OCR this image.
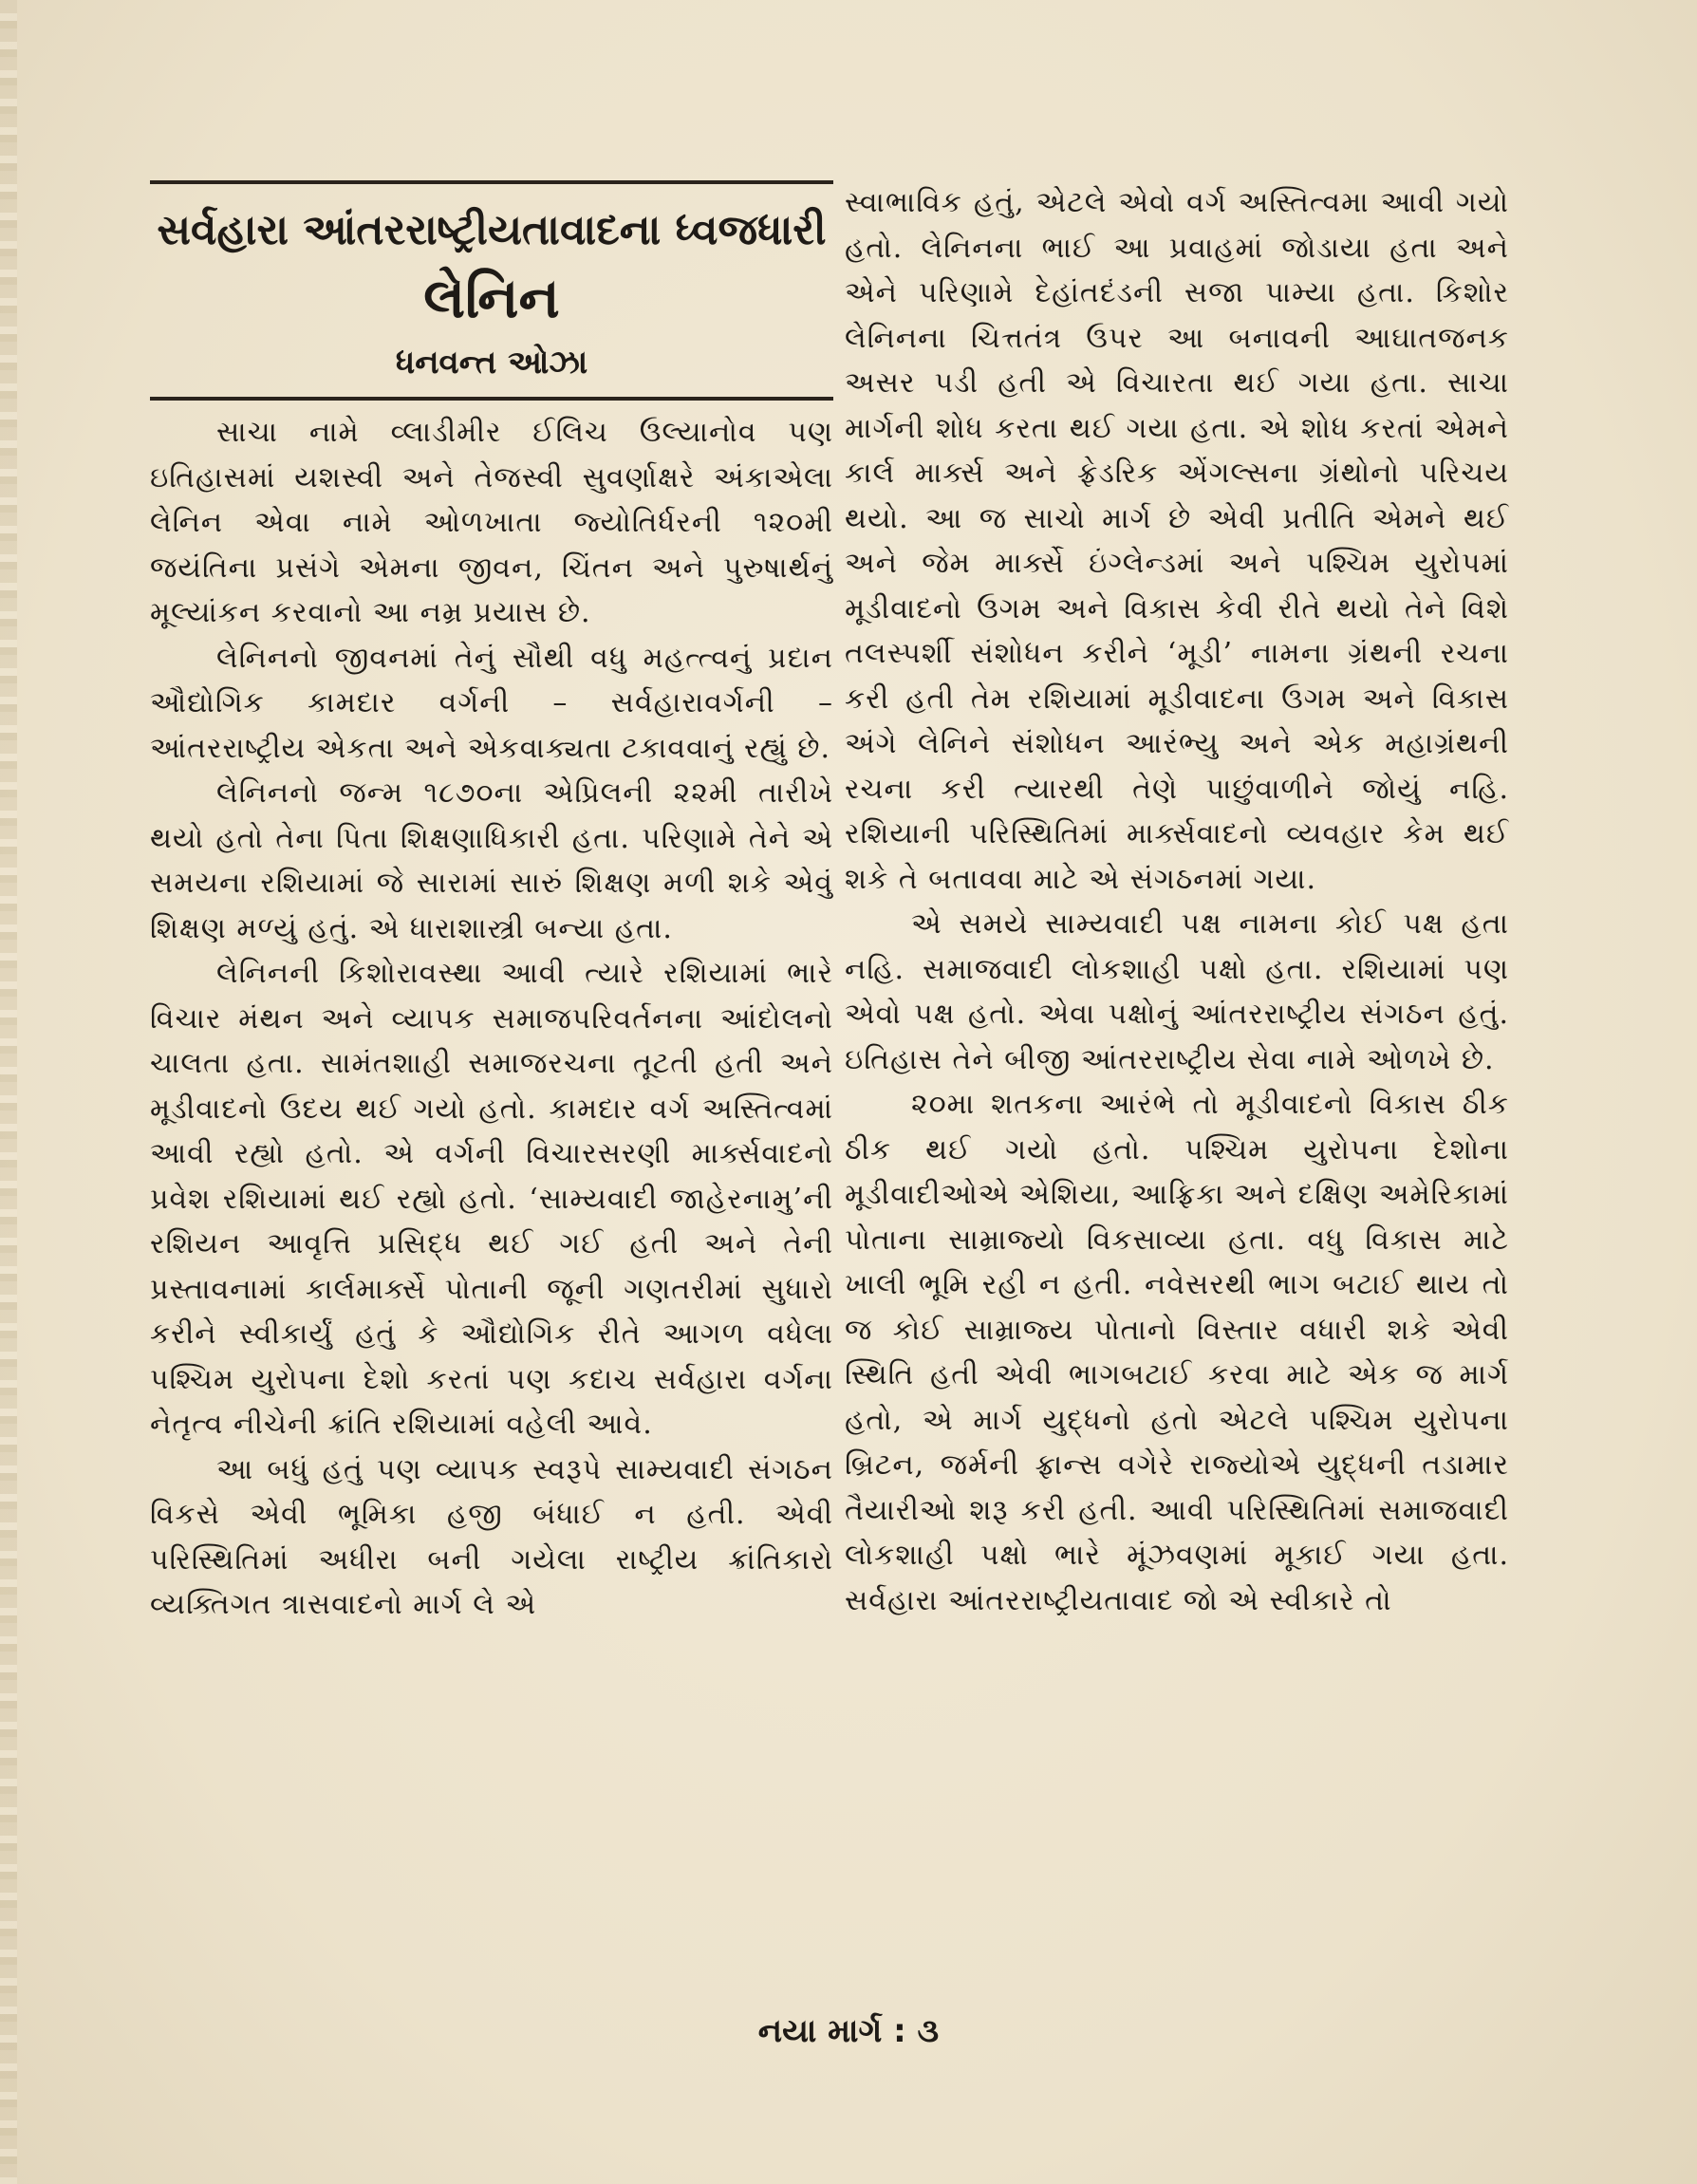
સર્વહારા આંતરરાષ્ટ્રીયતાવાદના ધ્વજધારી
લેનિન
ધનવન્ત ઓઝા

સાચા નામે વ્લાડીમીર ઈલિચ ઉલ્યાનોવ પણ ઇતિહાસમાં યશસ્વી અને તેજસ્વી સુવર્ણાક્ષરે અંકાએલા લેનિન એવા નામે ઓળખાતા જ્યોતિર્ધરની ૧૨૦મી જયંતિના પ્રસંગે એમના જીવન, ચિંતન અને પુરુષાર્થનું મૂલ્યાંકન કરવાનો આ નમ્ર પ્રયાસ છે.

લેનિનનો જીવનમાં તેનું સૌથી વધુ મહત્ત્વનું પ્રદાન ઔદ્યોગિક કામદાર વર્ગની – સર્વહારાવર્ગની – આંતરરાષ્ટ્રીય એકતા અને એકવાક્યતા ટકાવવાનું રહ્યું છે.

લેનિનનો જન્મ ૧૮૭૦ના એપ્રિલની ૨૨મી તારીખે થયો હતો તેના પિતા શિક્ષણાધિકારી હતા. પરિણામે તેને એ સમયના રશિયામાં જે સારામાં સારું શિક્ષણ મળી શકે એવું શિક્ષણ મળ્યું હતું. એ ધારાશાસ્ત્રી બન્યા હતા.

લેનિનની કિશોરાવસ્થા આવી ત્યારે રશિયામાં ભારે વિચાર મંથન અને વ્યાપક સમાજપરિવર્તનના આંદોલનો ચાલતા હતા. સામંતશાહી સમાજરચના તૂટતી હતી અને મૂડીવાદનો ઉદય થઈ ગયો હતો. કામદાર વર્ગ અસ્તિત્વમાં આવી રહ્યો હતો. એ વર્ગની વિચારસરણી માર્ક્સવાદનો પ્રવેશ રશિયામાં થઈ રહ્યો હતો. ‘સામ્યવાદી જાહેરનામુ’ની રશિયન આવૃત્તિ પ્રસિદ્ધ થઈ ગઈ હતી અને તેની પ્રસ્તાવનામાં કાર્લમાર્ક્સે પોતાની જૂની ગણતરીમાં સુધારો કરીને સ્વીકાર્યું હતું કે ઔદ્યોગિક રીતે આગળ વધેલા પશ્ચિમ યુરોપના દેશો કરતાં પણ કદાચ સર્વહારા વર્ગના નેતૃત્વ નીચેની ક્રાંતિ રશિયામાં વહેલી આવે.

આ બધું હતું પણ વ્યાપક સ્વરૂપે સામ્યવાદી સંગઠન વિકસે એવી ભૂમિકા હજી બંધાઈ ન હતી. એવી પરિસ્થિતિમાં અધીરા બની ગયેલા રાષ્ટ્રીય ક્રાંતિકારો વ્યક્તિગત ત્રાસવાદનો માર્ગ લે એ

સ્વાભાવિક હતું, એટલે એવો વર્ગ અસ્તિત્વમા આવી ગયો હતો. લેનિનના ભાઈ આ પ્રવાહમાં જોડાયા હતા અને એને પરિણામે દેહાંતદંડની સજા પામ્યા હતા. કિશોર લેનિનના ચિત્તતંત્ર ઉપર આ બનાવની આઘાતજનક અસર પડી હતી એ વિચારતા થઈ ગયા હતા. સાચા માર્ગની શોધ કરતા થઈ ગયા હતા. એ શોધ કરતાં એમને કાર્લ માર્ક્સ અને ફ્રેડરિક એંગલ્સના ગ્રંથોનો પરિચય થયો. આ જ સાચો માર્ગ છે એવી પ્રતીતિ એમને થઈ અને જેમ માર્ક્સે ઇંગ્લેન્ડમાં અને પશ્ચિમ યુરોપમાં મૂડીવાદનો ઉગમ અને વિકાસ કેવી રીતે થયો તેને વિશે તલસ્પર્શી સંશોધન કરીને ‘મૂડી’ નામના ગ્રંથની રચના કરી હતી તેમ રશિયામાં મૂડીવાદના ઉગમ અને વિકાસ અંગે લેનિને સંશોધન આરંભ્યુ અને એક મહાગ્રંથની રચના કરી ત્યારથી તેણે પાછુંવાળીને જોયું નહિ. રશિયાની પરિસ્થિતિમાં માર્ક્સવાદનો વ્યવહાર કેમ થઈ શકે તે બતાવવા માટે એ સંગઠનમાં ગયા.

એ સમયે સામ્યવાદી પક્ષ નામના કોઈ પક્ષ હતા નહિ. સમાજવાદી લોકશાહી પક્ષો હતા. રશિયામાં પણ એવો પક્ષ હતો. એવા પક્ષોનું આંતરરાષ્ટ્રીય સંગઠન હતું. ઇતિહાસ તેને બીજી આંતરરાષ્ટ્રીય સેવા નામે ઓળખે છે.

૨૦મા શતકના આરંભે તો મૂડીવાદનો વિકાસ ઠીક ઠીક થઈ ગયો હતો. પશ્ચિમ યુરોપના દેશોના મૂડીવાદીઓએ એશિયા, આફ્રિકા અને દક્ષિણ અમેરિકામાં પોતાના સામ્રાજ્યો વિકસાવ્યા હતા. વધુ વિકાસ માટે ખાલી ભૂમિ રહી ન હતી. નવેસરથી ભાગ બટાઈ થાય તો જ કોઈ સામ્રાજ્ય પોતાનો વિસ્તાર વધારી શકે એવી સ્થિતિ હતી એવી ભાગબટાઈ કરવા માટે એક જ માર્ગ હતો, એ માર્ગ યુદ્ધનો હતો એટલે પશ્ચિમ યુરોપના બ્રિટન, જર્મની ફ્રાન્સ વગેરે રાજ્યોએ યુદ્ધની તડામાર તૈયારીઓ શરૂ કરી હતી. આવી પરિસ્થિતિમાં સમાજવાદી લોકશાહી પક્ષો ભારે મૂંઝવણમાં મૂકાઈ ગયા હતા. સર્વહારા આંતરરાષ્ટ્રીયતાવાદ જો એ સ્વીકારે તો

નયા માર્ગ : ૩
